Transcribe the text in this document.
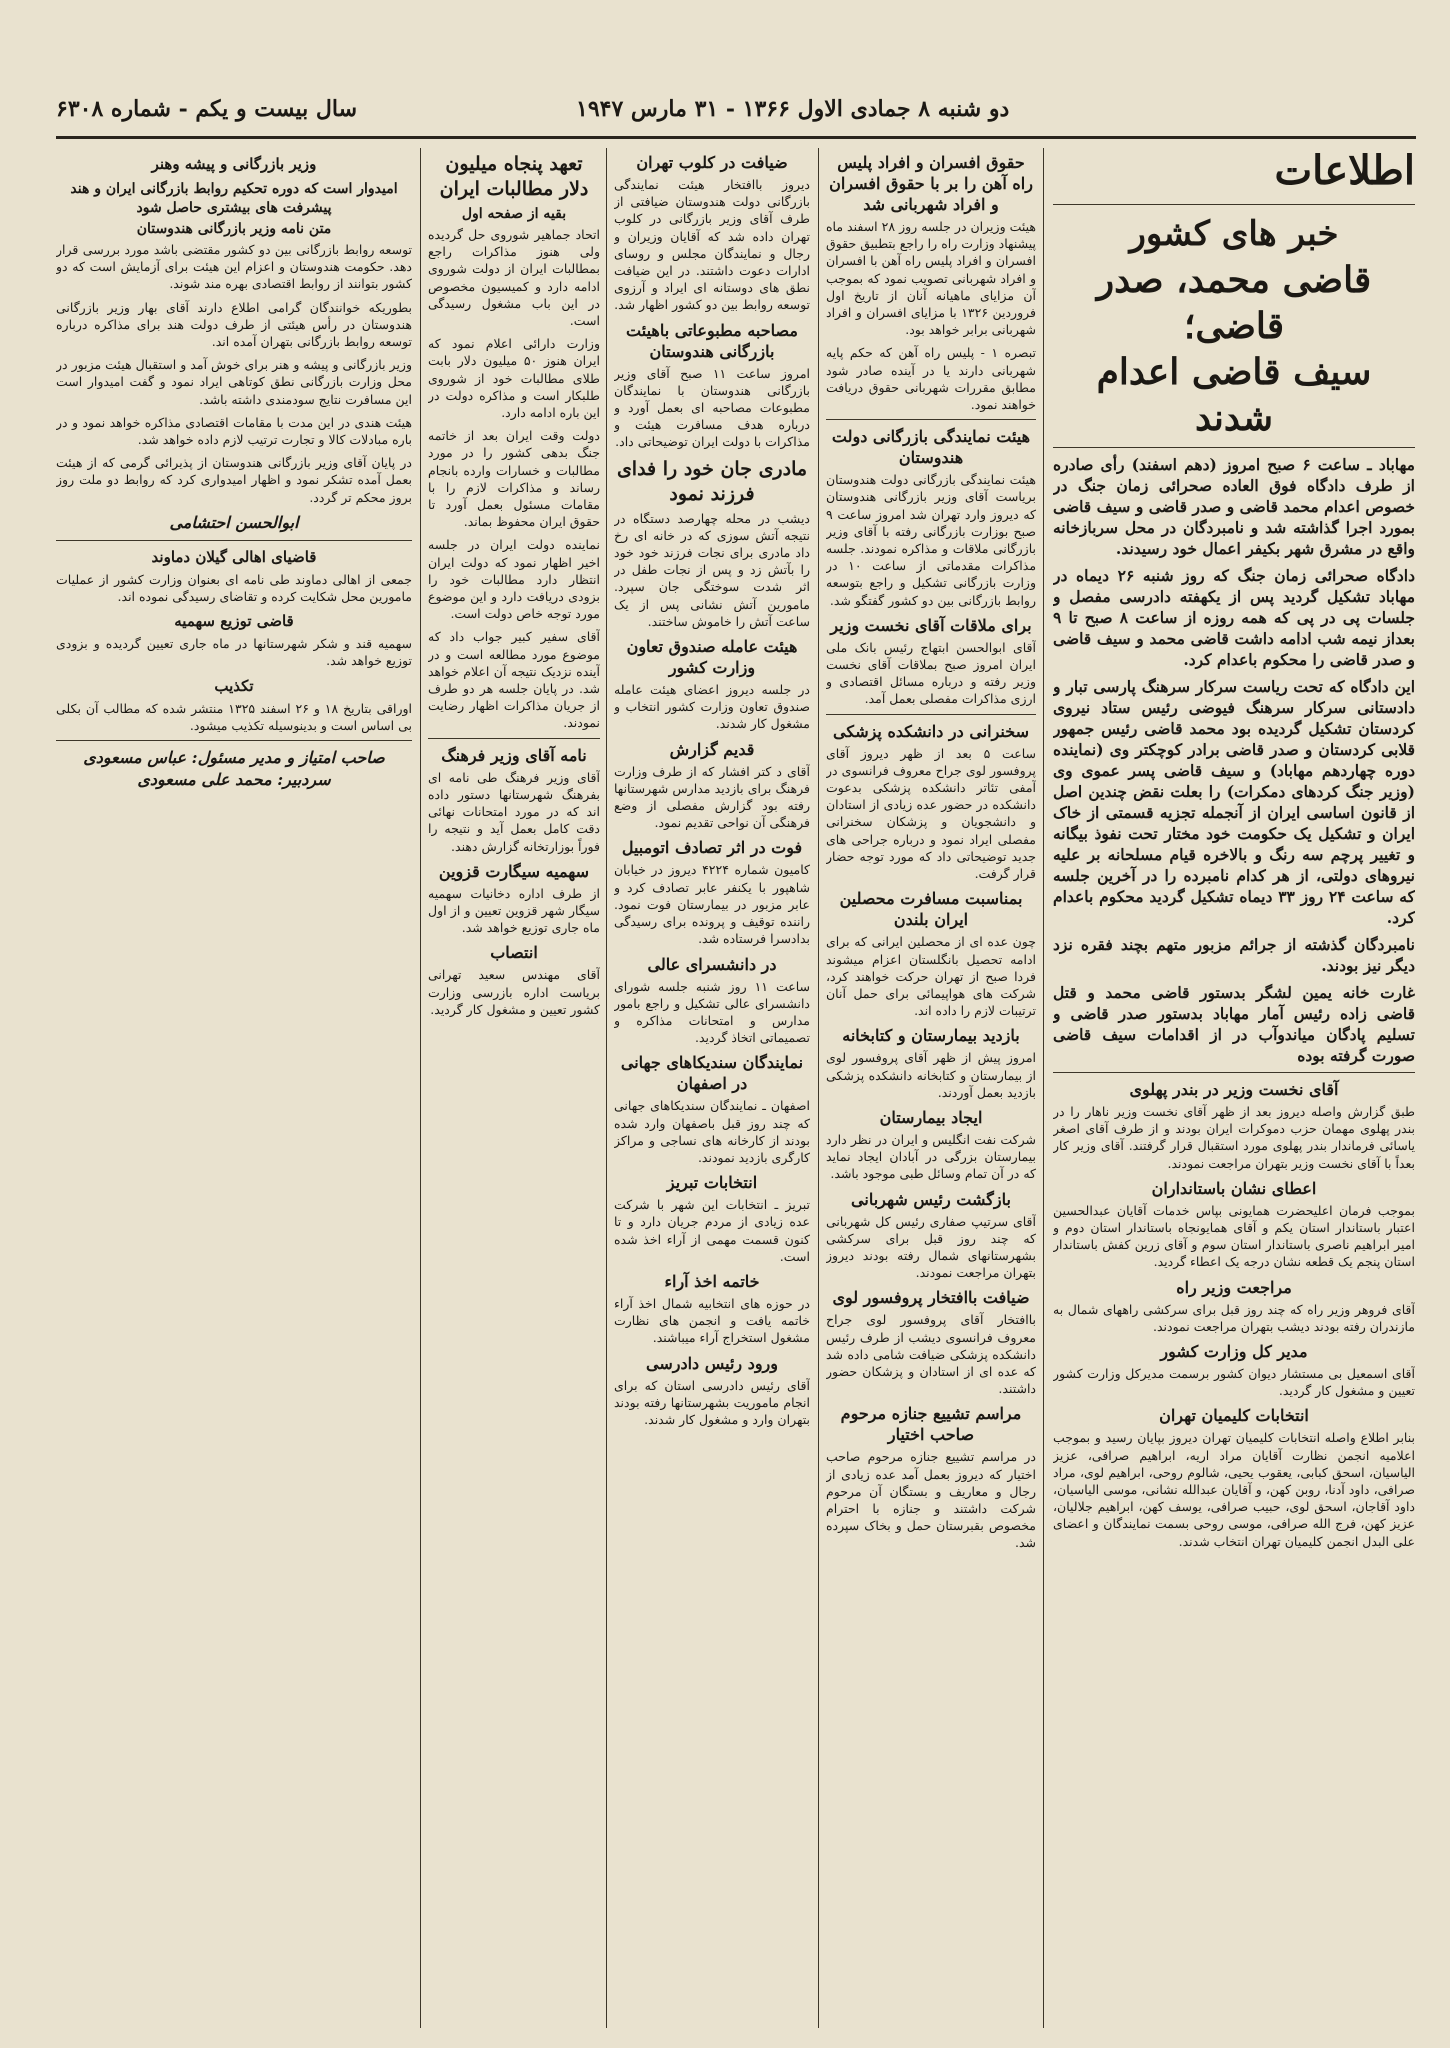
سال بیست و یکم - شماره ۶۳۰۸	دو شنبه ۸ جمادی الاول ۱۳۶۶ - ۳۱ مارس ۱۹۴۷
اطلاعات
خبر های کشور
قاضی محمد، صدر قاضی؛
سیف قاضی اعدام شدند

مهاباد ـ ساعت ۶ صبح امروز (دهم اسفند) رأی صادره از طرف دادگاه فوق العاده صحرائی زمان جنگ در خصوص اعدام محمد قاضی و صدر قاضی و سیف قاضی بمورد اجرا گذاشته شد و نامبردگان در محل سربازخانه واقع در مشرق شهر بکیفر اعمال خود رسیدند.

دادگاه صحرائی زمان جنگ که روز شنبه ۲۶ دیماه در مهاباد تشکیل گردید پس از یکهفته دادرسی مفصل و جلسات پی در پی که همه روزه از ساعت ۸ صبح تا ۹ بعداز نیمه شب ادامه داشت قاضی محمد و سیف قاضی و صدر قاضی را محکوم باعدام کرد.

این دادگاه که تحت ریاست سرکار سرهنگ پارسی تبار و دادستانی سرکار سرهنگ فیوضی رئیس ستاد نیروی کردستان تشکیل گردیده بود محمد قاضی رئیس جمهور قلابی کردستان و صدر قاضی برادر کوچکتر وی (نماینده دوره چهاردهم مهاباد) و سیف قاضی پسر عموی وی (وزیر جنگ کردهای دمکرات) را بعلت نقض چندین اصل از قانون اساسی ایران از آنجمله تجزیه قسمتی از خاک ایران و تشکیل یک حکومت خود مختار تحت نفوذ بیگانه و تغییر پرچم سه رنگ و بالاخره قیام مسلحانه بر علیه نیروهای دولتی، از هر کدام نامبرده را در آخرین جلسه که ساعت ۲۴ روز ۳۳ دیماه تشکیل گردید محکوم باعدام کرد.

نامبردگان گذشته از جرائم مزبور متهم بچند فقره نزد دیگر نیز بودند.

غارت خانه یمین لشگر بدستور قاضی محمد و قتل قاضی زاده رئیس آمار مهاباد بدستور صدر قاضی و تسلیم پادگان میاندوآب در از اقدامات سیف قاضی صورت گرفته بوده

آقای نخست وزیر در بندر پهلوی

طبق گزارش واصله دیروز بعد از ظهر آقای نخست وزیر ناهار را در بندر پهلوی مهمان حزب دموکرات ایران بودند و از طرف آقای اصغر یاسائی فرماندار بندر پهلوی مورد استقبال قرار گرفتند. آقای وزیر کار بعداً با آقای نخست وزیر بتهران مراجعت نمودند.

اعطای نشان باستانداران

بموجب فرمان اعلیحضرت همایونی بپاس خدمات آقایان عبدالحسین اعتبار باستاندار استان یکم و آقای همایونجاه باستاندار استان دوم و امیر ابراهیم ناصری باستاندار استان سوم و آقای زرین کفش باستاندار استان پنجم یک قطعه نشان درجه یک اعطاء گردید.

مراجعت وزیر راه

آقای فروهر وزیر راه که چند روز قبل برای سرکشی راههای شمال به مازندران رفته بودند دیشب بتهران مراجعت نمودند.

مدیر کل وزارت کشور

آقای اسمعیل بی مستشار دیوان کشور برسمت مدیرکل وزارت کشور تعیین و مشغول کار گردید.

انتخابات کلیمیان تهران

بنابر اطلاع واصله انتخابات کلیمیان تهران دیروز بپایان رسید و بموجب اعلامیه انجمن نظارت آقایان مراد اریه، ابراهیم صرافی، عزیز الیاسیان، اسحق کبابی، یعقوب یحیی، شالوم روحی، ابراهیم لوی، مراد صرافی، داود آدنا، روبن کهن، و آقایان عبدالله نشانی، موسی الیاسیان، داود آقاجان، اسحق لوی، حبیب صرافی، یوسف کهن، ابراهیم جلالیان، عزیز کهن، فرج الله صرافی، موسی روحی بسمت نمایندگان و اعضای علی البدل انجمن کلیمیان تهران انتخاب شدند.

حقوق افسران و افراد پلیس راه آهن را بر با حقوق افسران و افراد شهربانی شد

هیئت وزیران در جلسه روز ۲۸ اسفند ماه پیشنهاد وزارت راه را راجع بتطبیق حقوق افسران و افراد پلیس راه آهن با افسران و افراد شهربانی تصویب نمود که بموجب آن مزایای ماهیانه آنان از تاریخ اول فروردین ۱۳۲۶ با مزایای افسران و افراد شهربانی برابر خواهد بود.

تبصره ۱ - پلیس راه آهن که حکم پایه شهربانی دارند یا در آینده صادر شود مطابق مقررات شهربانی حقوق دریافت خواهند نمود.

هیئت نمایندگی بازرگانی دولت هندوستان

هیئت نمایندگی بازرگانی دولت هندوستان بریاست آقای وزیر بازرگانی هندوستان که دیروز وارد تهران شد امروز ساعت ۹ صبح بوزارت بازرگانی رفته با آقای وزیر بازرگانی ملاقات و مذاکره نمودند. جلسه مذاکرات مقدماتی از ساعت ۱۰ در وزارت بازرگانی تشکیل و راجع بتوسعه روابط بازرگانی بین دو کشور گفتگو شد.

برای ملاقات آقای نخست وزیر

آقای ابوالحسن ابتهاج رئیس بانک ملی ایران امروز صبح بملاقات آقای نخست وزیر رفته و درباره مسائل اقتصادی و ارزی مذاکرات مفصلی بعمل آمد.

سخنرانی در دانشکده پزشکی

ساعت ۵ بعد از ظهر دیروز آقای پروفسور لوی جراح معروف فرانسوی در آمفی تئاتر دانشکده پزشکی بدعوت دانشکده در حضور عده زیادی از استادان و دانشجویان و پزشکان سخنرانی مفصلی ایراد نمود و درباره جراحی های جدید توضیحاتی داد که مورد توجه حضار قرار گرفت.

بمناسبت مسافرت محصلین ایران بلندن

چون عده ای از محصلین ایرانی که برای ادامه تحصیل بانگلستان اعزام میشوند فردا صبح از تهران حرکت خواهند کرد، شرکت های هواپیمائی برای حمل آنان ترتیبات لازم را داده اند.

بازدید بیمارستان و کتابخانه

امروز پیش از ظهر آقای پروفسور لوی از بیمارستان و کتابخانه دانشکده پزشکی بازدید بعمل آوردند.

ایجاد بیمارستان

شرکت نفت انگلیس و ایران در نظر دارد بیمارستان بزرگی در آبادان ایجاد نماید که در آن تمام وسائل طبی موجود باشد.

بازگشت رئیس شهربانی

آقای سرتیپ صفاری رئیس کل شهربانی که چند روز قبل برای سرکشی بشهرستانهای شمال رفته بودند دیروز بتهران مراجعت نمودند.

ضیافت باافتخار پروفسور لوی

باافتخار آقای پروفسور لوی جراح معروف فرانسوی دیشب از طرف رئیس دانشکده پزشکی ضیافت شامی داده شد که عده ای از استادان و پزشکان حضور داشتند.

مراسم تشییع جنازه مرحوم صاحب اختیار

در مراسم تشییع جنازه مرحوم صاحب اختیار که دیروز بعمل آمد عده زیادی از رجال و معاریف و بستگان آن مرحوم شرکت داشتند و جنازه با احترام مخصوص بقبرستان حمل و بخاک سپرده شد.

ضیافت در کلوب تهران

دیروز باافتخار هیئت نمایندگی بازرگانی دولت هندوستان ضیافتی از طرف آقای وزیر بازرگانی در کلوب تهران داده شد که آقایان وزیران و رجال و نمایندگان مجلس و روسای ادارات دعوت داشتند. در این ضیافت نطق های دوستانه ای ایراد و آرزوی توسعه روابط بین دو کشور اظهار شد.

مصاحبه مطبوعاتی باهیئت بازرگانی هندوستان

امروز ساعت ۱۱ صبح آقای وزیر بازرگانی هندوستان با نمایندگان مطبوعات مصاحبه ای بعمل آورد و درباره هدف مسافرت هیئت و مذاکرات با دولت ایران توضیحاتی داد.

مادری جان خود را فدای فرزند نمود

دیشب در محله چهارصد دستگاه در نتیجه آتش سوزی که در خانه ای رخ داد مادری برای نجات فرزند خود خود را بآتش زد و پس از نجات طفل در اثر شدت سوختگی جان سپرد. مامورین آتش نشانی پس از یک ساعت آتش را خاموش ساختند.

هیئت عامله صندوق تعاون وزارت کشور

در جلسه دیروز اعضای هیئت عامله صندوق تعاون وزارت کشور انتخاب و مشغول کار شدند.

قدیم گزارش

آقای د کتر افشار که از طرف وزارت فرهنگ برای بازدید مدارس شهرستانها رفته بود گزارش مفصلی از وضع فرهنگی آن نواحی تقدیم نمود.

فوت در اثر تصادف اتومبیل

کامیون شماره ۴۲۲۴ دیروز در خیابان شاهپور با یکنفر عابر تصادف کرد و عابر مزبور در بیمارستان فوت نمود. راننده توقیف و پرونده برای رسیدگی بدادسرا فرستاده شد.

در دانشسرای عالی

ساعت ۱۱ روز شنبه جلسه شورای دانشسرای عالی تشکیل و راجع بامور مدارس و امتحانات مذاکره و تصمیماتی اتخاذ گردید.

نمایندگان سندیکاهای جهانی در اصفهان

اصفهان ـ نمایندگان سندیکاهای جهانی که چند روز قبل باصفهان وارد شده بودند از کارخانه های نساجی و مراکز کارگری بازدید نمودند.

انتخابات تبریز

تبریز ـ انتخابات این شهر با شرکت عده زیادی از مردم جریان دارد و تا کنون قسمت مهمی از آراء اخذ شده است.

خاتمه اخذ آراء

در حوزه های انتخابیه شمال اخذ آراء خاتمه یافت و انجمن های نظارت مشغول استخراج آراء میباشند.

ورود رئیس دادرسی

آقای رئیس دادرسی استان که برای انجام ماموریت بشهرستانها رفته بودند بتهران وارد و مشغول کار شدند.

تعهد پنجاه میلیون دلار مطالبات ایران
بقیه از صفحه اول

اتحاد جماهیر شوروی حل گردیده ولی هنوز مذاکرات راجع بمطالبات ایران از دولت شوروی ادامه دارد و کمیسیون مخصوص در این باب مشغول رسیدگی است.

وزارت دارائی اعلام نمود که ایران هنوز ۵۰ میلیون دلار بابت طلای مطالبات خود از شوروی طلبکار است و مذاکره دولت در این باره ادامه دارد.

دولت وقت ایران بعد از خاتمه جنگ بدهی کشور را در مورد مطالبات و خسارات وارده بانجام رساند و مذاکرات لازم را با مقامات مسئول بعمل آورد تا حقوق ایران محفوظ بماند.

نماینده دولت ایران در جلسه اخیر اظهار نمود که دولت ایران انتظار دارد مطالبات خود را بزودی دریافت دارد و این موضوع مورد توجه خاص دولت است.

آقای سفیر کبیر جواب داد که موضوع مورد مطالعه است و در آینده نزدیک نتیجه آن اعلام خواهد شد. در پایان جلسه هر دو طرف از جریان مذاکرات اظهار رضایت نمودند.

نامه آقای وزیر فرهنگ

آقای وزیر فرهنگ طی نامه ای بفرهنگ شهرستانها دستور داده اند که در مورد امتحانات نهائی دقت کامل بعمل آید و نتیجه را فوراً بوزارتخانه گزارش دهند.

سهمیه سیگارت قزوین

از طرف اداره دخانیات سهمیه سیگار شهر قزوین تعیین و از اول ماه جاری توزیع خواهد شد.

انتصاب

آقای مهندس سعید تهرانی بریاست اداره بازرسی وزارت کشور تعیین و مشغول کار گردید.

وزیر بازرگانی و پیشه وهنر
امیدوار است که دوره تحکیم روابط بازرگانی ایران و هند پیشرفت های بیشتری حاصل شود
متن نامه وزیر بازرگانی هندوستان

توسعه روابط بازرگانی بین دو کشور مقتضی باشد مورد بررسی قرار دهد. حکومت هندوستان و اعزام این هیئت برای آزمایش است که دو کشور بتوانند از روابط اقتصادی بهره مند شوند.

بطوریکه خوانندگان گرامی اطلاع دارند آقای بهار وزیر بازرگانی هندوستان در رأس هیئتی از طرف دولت هند برای مذاکره درباره توسعه روابط بازرگانی بتهران آمده اند.

وزیر بازرگانی و پیشه و هنر برای خوش آمد و استقبال هیئت مزبور در محل وزارت بازرگانی نطق کوتاهی ایراد نمود و گفت امیدوار است این مسافرت نتایج سودمندی داشته باشد.

هیئت هندی در این مدت با مقامات اقتصادی مذاکره خواهد نمود و در باره مبادلات کالا و تجارت ترتیب لازم داده خواهد شد.

در پایان آقای وزیر بازرگانی هندوستان از پذیرائی گرمی که از هیئت بعمل آمده تشکر نمود و اظهار امیدواری کرد که روابط دو ملت روز بروز محکم تر گردد.

ابوالحسن احتشامی
قاضیای اهالی گیلان دماوند

جمعی از اهالی دماوند طی نامه ای بعنوان وزارت کشور از عملیات مامورین محل شکایت کرده و تقاضای رسیدگی نموده اند.

قاضی توزیع سهمیه

سهمیه قند و شکر شهرستانها در ماه جاری تعیین گردیده و بزودی توزیع خواهد شد.

تکذیب

اوراقی بتاریخ ۱۸ و ۲۶ اسفند ۱۳۲۵ منتشر شده که مطالب آن بکلی بی اساس است و بدینوسیله تکذیب میشود.

صاحب امتیاز و مدیر مسئول: عباس مسعودی
سردبیر: محمد علی مسعودی
